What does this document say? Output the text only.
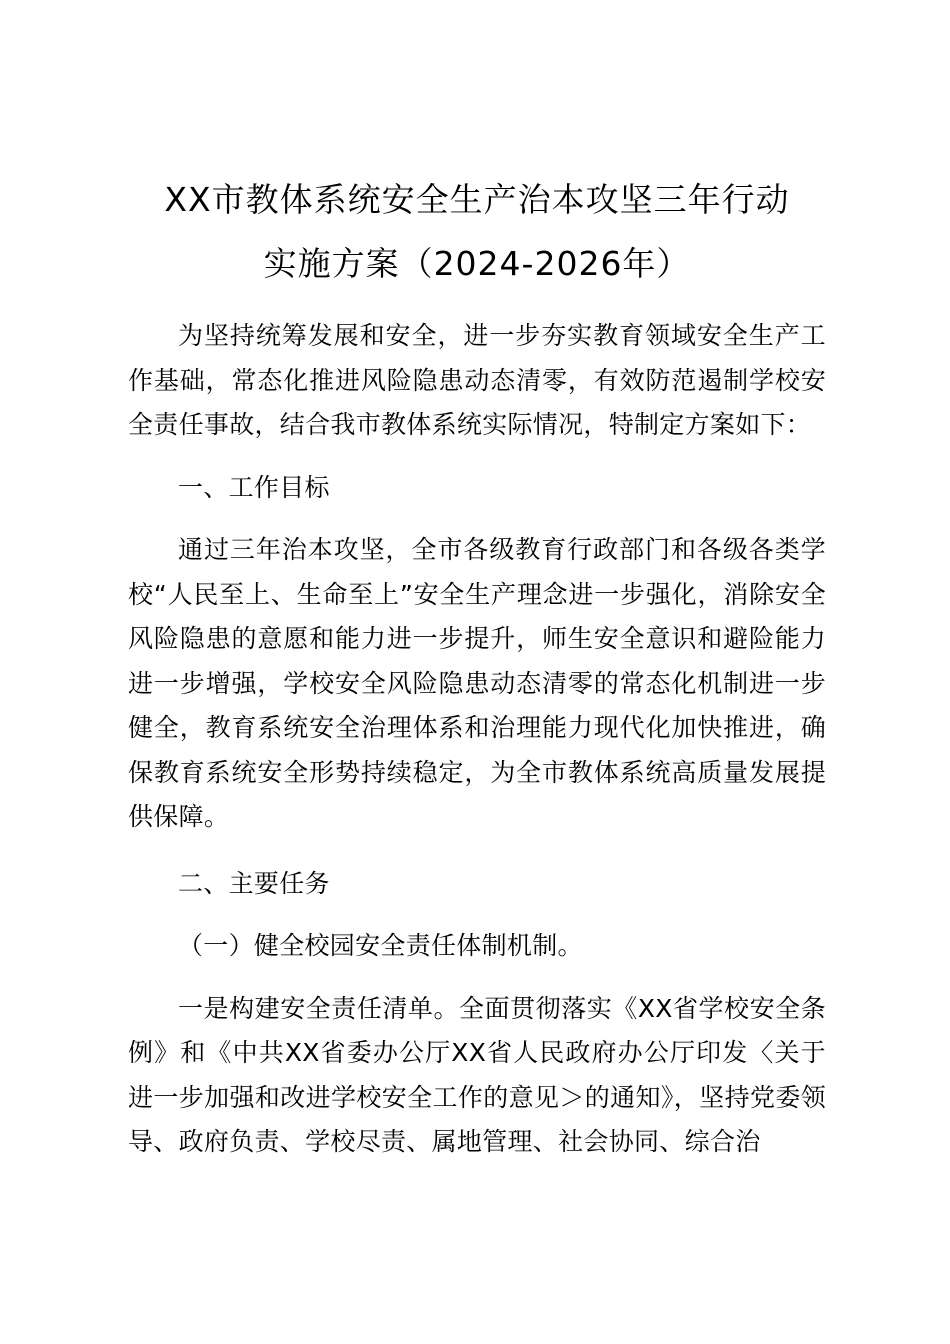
XX市教体系统安全生产治本攻坚三年行动
实施方案（2024-2026年）

为坚持统筹发展和安全，进一步夯实教育领域安全生产工作基础，常态化推进风险隐患动态清零，有效防范遏制学校安全责任事故，结合我市教体系统实际情况，特制定方案如下：

一、工作目标

通过三年治本攻坚，全市各级教育行政部门和各级各类学校“人民至上、生命至上”安全生产理念进一步强化，消除安全风险隐患的意愿和能力进一步提升，师生安全意识和避险能力进一步增强，学校安全风险隐患动态清零的常态化机制进一步健全，教育系统安全治理体系和治理能力现代化加快推进，确保教育系统安全形势持续稳定，为全市教体系统高质量发展提供保障。

二、主要任务

（一）健全校园安全责任体制机制。

一是构建安全责任清单。全面贯彻落实《XX省学校安全条例》和《中共XX省委办公厅XX省人民政府办公厅印发〈关于进一步加强和改进学校安全工作的意见＞的通知》，坚持党委领导、政府负责、学校尽责、属地管理、社会协同、综合治
